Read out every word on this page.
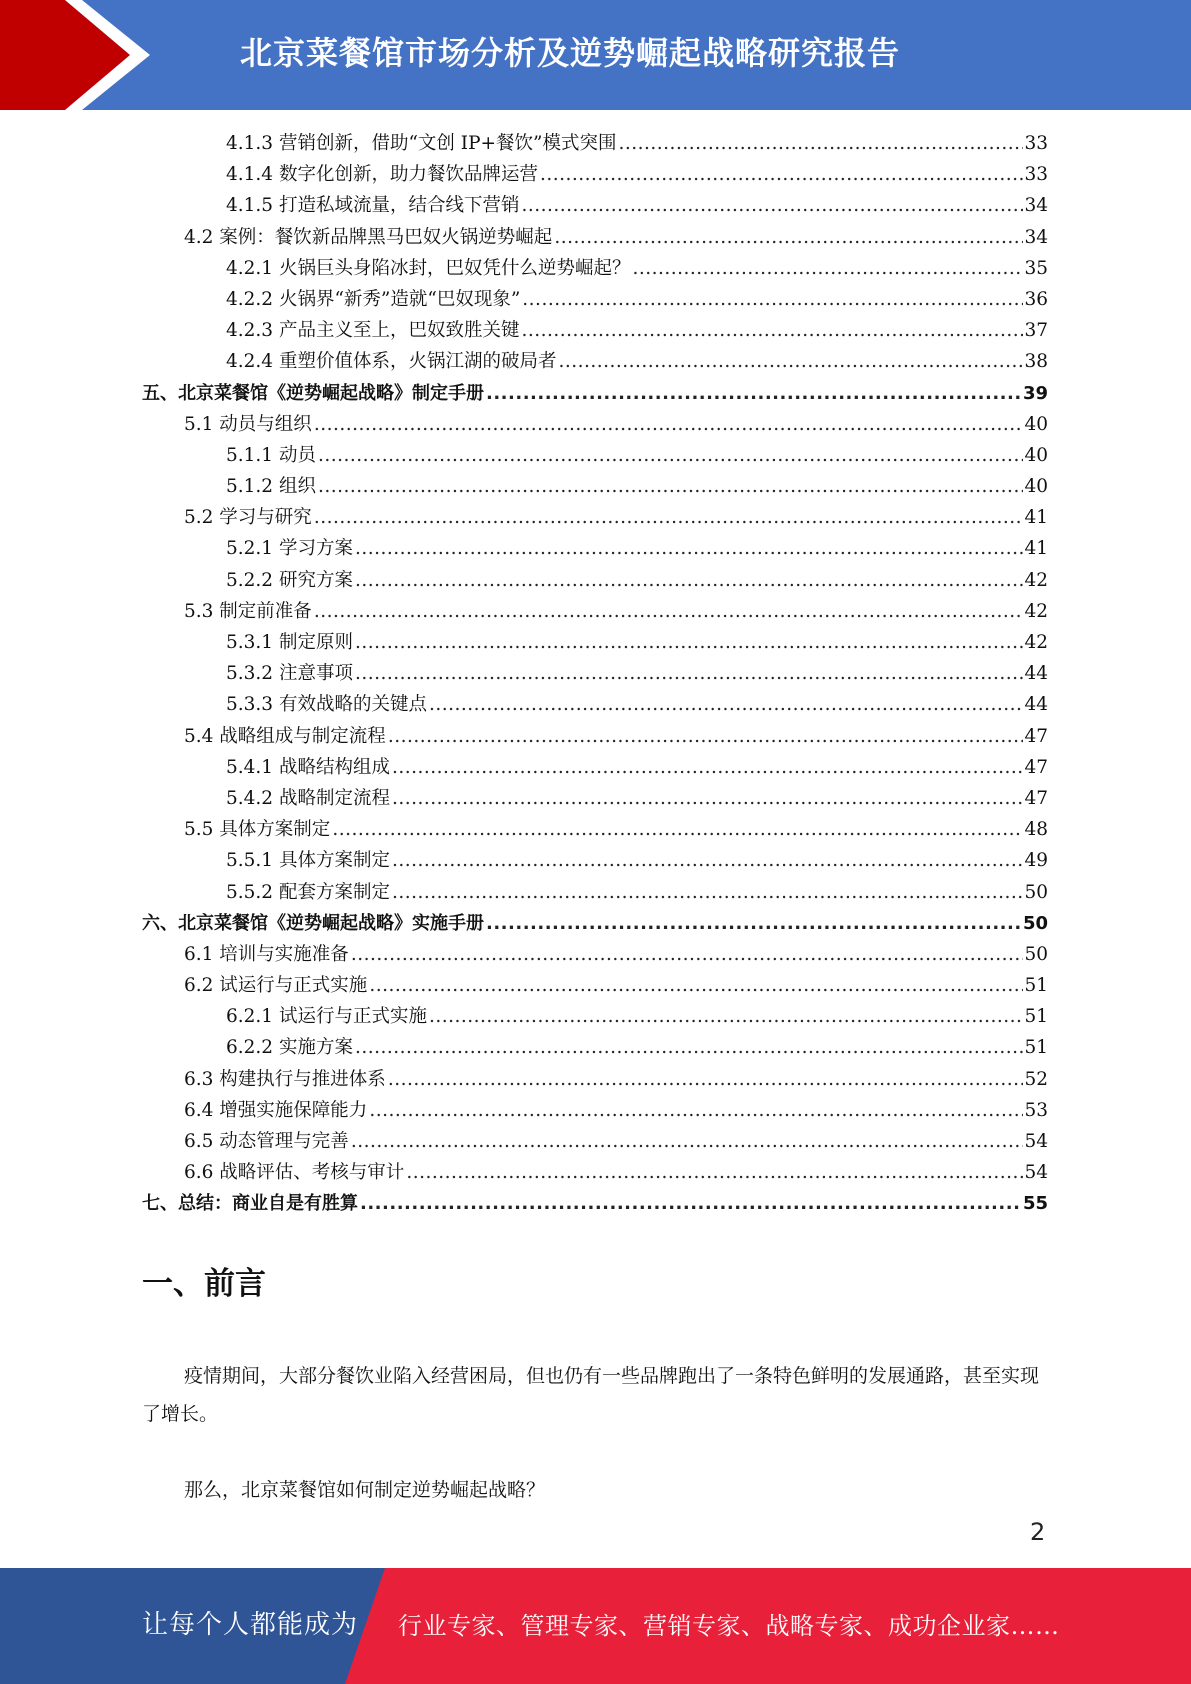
北京菜餐馆市场分析及逆势崛起战略研究报告
4.1.3 营销创新，借助“文创 IP+餐饮”模式突围 .....	33
4.1.4 数字化创新，助力餐饮品牌运营 .....	33
4.1.5 打造私域流量，结合线下营销 .....	34
4.2 案例：餐饮新品牌黑马巴奴火锅逆势崛起 .....	34
4.2.1 火锅巨头身陷冰封，巴奴凭什么逆势崛起？ .....	35
4.2.2 火锅界“新秀”造就“巴奴现象” .....	36
4.2.3 产品主义至上，巴奴致胜关键 .....	37
4.2.4 重塑价值体系，火锅江湖的破局者 .....	38
五、北京菜餐馆《逆势崛起战略》制定手册 .....	39
5.1 动员与组织 .....	40
5.1.1 动员 .....	40
5.1.2 组织 .....	40
5.2 学习与研究 .....	41
5.2.1 学习方案 .....	41
5.2.2 研究方案 .....	42
5.3 制定前准备 .....	42
5.3.1 制定原则 .....	42
5.3.2 注意事项 .....	44
5.3.3 有效战略的关键点 .....	44
5.4 战略组成与制定流程 .....	47
5.4.1 战略结构组成 .....	47
5.4.2 战略制定流程 .....	47
5.5 具体方案制定 .....	48
5.5.1 具体方案制定 .....	49
5.5.2 配套方案制定 .....	50
六、北京菜餐馆《逆势崛起战略》实施手册 .....	50
6.1 培训与实施准备 .....	50
6.2 试运行与正式实施 .....	51
6.2.1 试运行与正式实施 .....	51
6.2.2 实施方案 .....	51
6.3 构建执行与推进体系 .....	52
6.4 增强实施保障能力 .....	53
6.5 动态管理与完善 .....	54
6.6 战略评估、考核与审计 .....	54
七、总结：商业自是有胜算 .....	55
一、前言

疫情期间，大部分餐饮业陷入经营困局，但也仍有一些品牌跑出了一条特色鲜明的发展通路，甚至实现了增长。

那么，北京菜餐馆如何制定逆势崛起战略？

2
让每个人都能成为 行业专家、管理专家、营销专家、战略专家、成功企业家……
